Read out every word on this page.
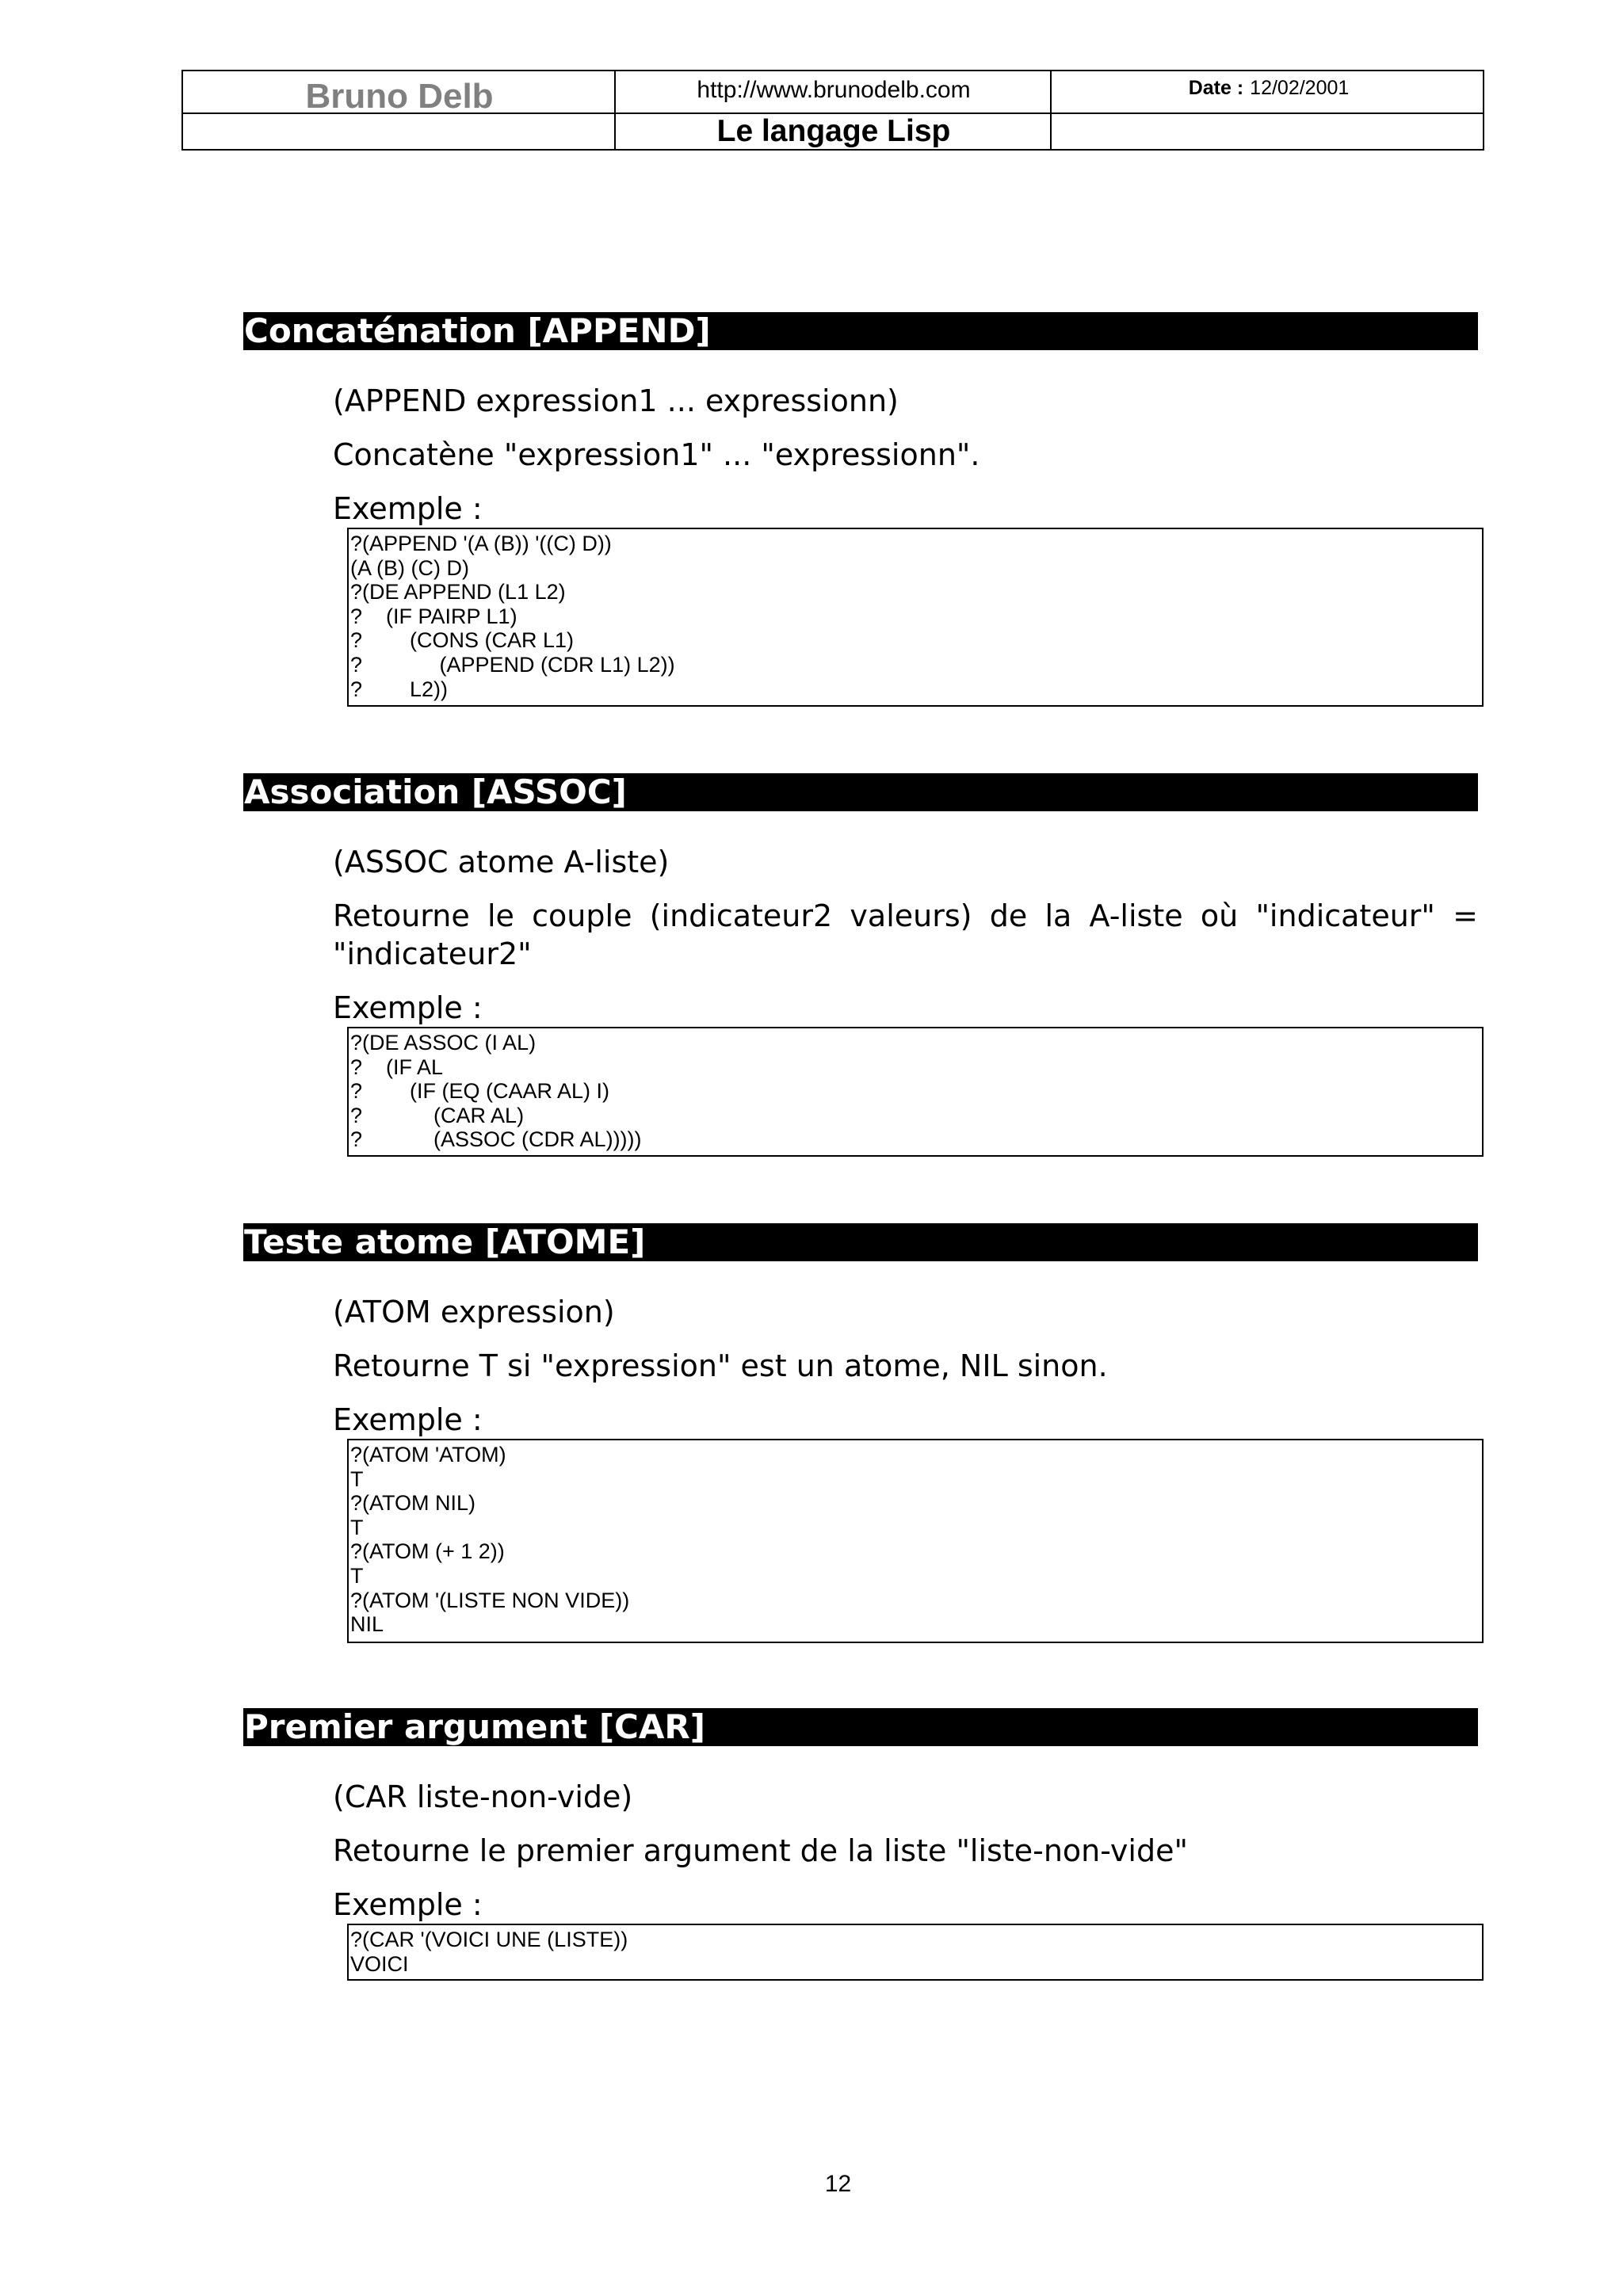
Bruno Delb	http://www.brunodelb.com	Date : 12/02/2001
Le langage Lisp
Concaténation [APPEND]
(APPEND expression1 ... expressionn)
Concatène "expression1" ... "expressionn".
Exemple :
?(APPEND '(A (B)) '((C) D))
(A (B) (C) D)
?(DE APPEND (L1 L2)
?    (IF PAIRP L1)
?        (CONS (CAR L1)
?             (APPEND (CDR L1) L2))
?        L2))
Association [ASSOC]
(ASSOC atome A-liste)
Retourne le couple (indicateur2 valeurs) de la A-liste où "indicateur" = "indicateur2"
Exemple :
?(DE ASSOC (I AL)
?    (IF AL
?        (IF (EQ (CAAR AL) I)
?            (CAR AL)
?            (ASSOC (CDR AL)))))
Teste atome [ATOME]
(ATOM expression)
Retourne T si "expression" est un atome, NIL sinon.
Exemple :
?(ATOM 'ATOM)
T
?(ATOM NIL)
T
?(ATOM (+ 1 2))
T
?(ATOM '(LISTE NON VIDE))
NIL
Premier argument [CAR]
(CAR liste-non-vide)
Retourne le premier argument de la liste "liste-non-vide"
Exemple :
?(CAR '(VOICI UNE (LISTE))
VOICI
12
